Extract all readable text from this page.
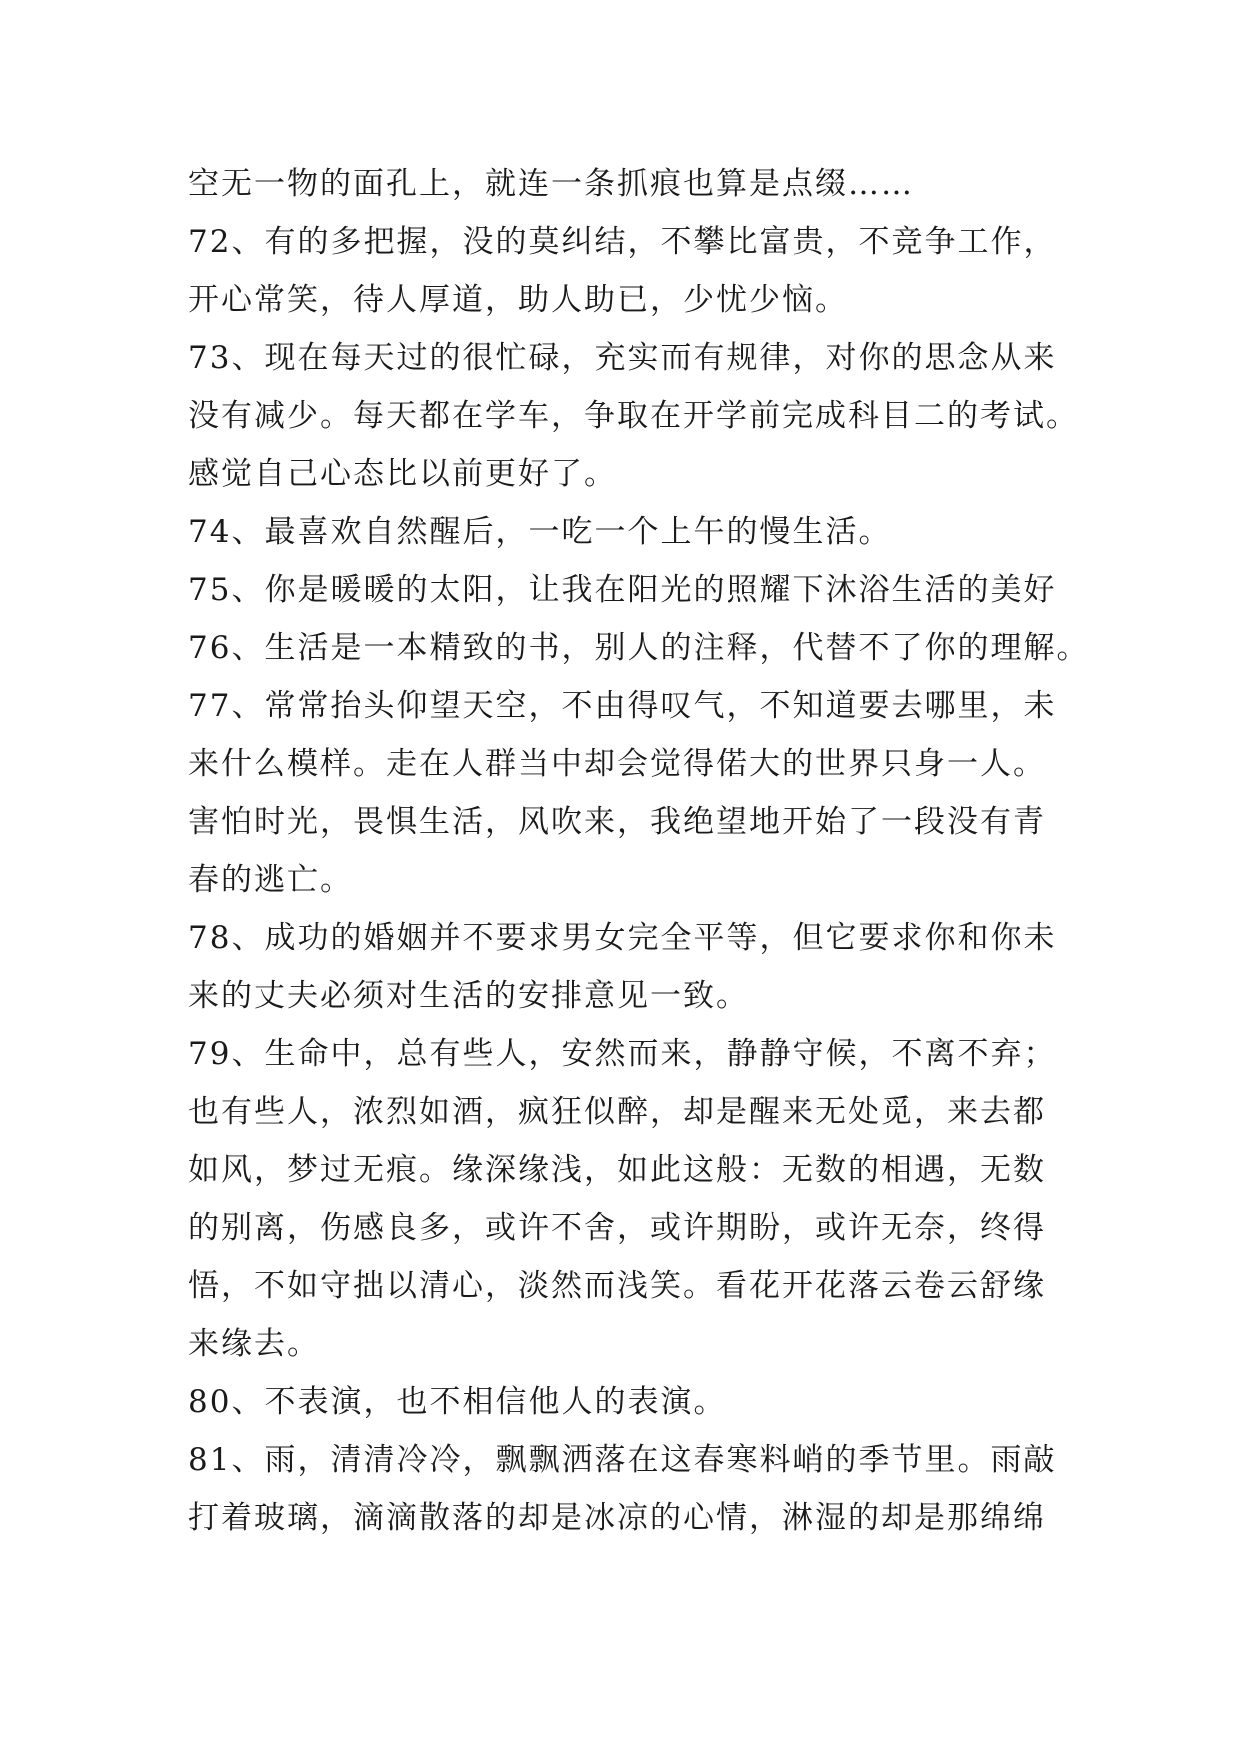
空无一物的面孔上，就连一条抓痕也算是点缀……
72、有的多把握，没的莫纠结，不攀比富贵，不竞争工作，
开心常笑，待人厚道，助人助已，少忧少恼。
73、现在每天过的很忙碌，充实而有规律，对你的思念从来
没有减少。每天都在学车，争取在开学前完成科目二的考试。
感觉自己心态比以前更好了。
74、最喜欢自然醒后，一吃一个上午的慢生活。
75、你是暖暖的太阳，让我在阳光的照耀下沐浴生活的美好
76、生活是一本精致的书，别人的注释，代替不了你的理解。
77、常常抬头仰望天空，不由得叹气，不知道要去哪里，未
来什么模样。走在人群当中却会觉得偌大的世界只身一人。
害怕时光，畏惧生活，风吹来，我绝望地开始了一段没有青
春的逃亡。
78、成功的婚姻并不要求男女完全平等，但它要求你和你未
来的丈夫必须对生活的安排意见一致。
79、生命中，总有些人，安然而来，静静守候，不离不弃；
也有些人，浓烈如酒，疯狂似醉，却是醒来无处觅，来去都
如风，梦过无痕。缘深缘浅，如此这般：无数的相遇，无数
的别离，伤感良多，或许不舍，或许期盼，或许无奈，终得
悟，不如守拙以清心，淡然而浅笑。看花开花落云卷云舒缘
来缘去。
80、不表演，也不相信他人的表演。
81、雨，清清冷冷，飘飘洒落在这春寒料峭的季节里。雨敲
打着玻璃，滴滴散落的却是冰凉的心情，淋湿的却是那绵绵
